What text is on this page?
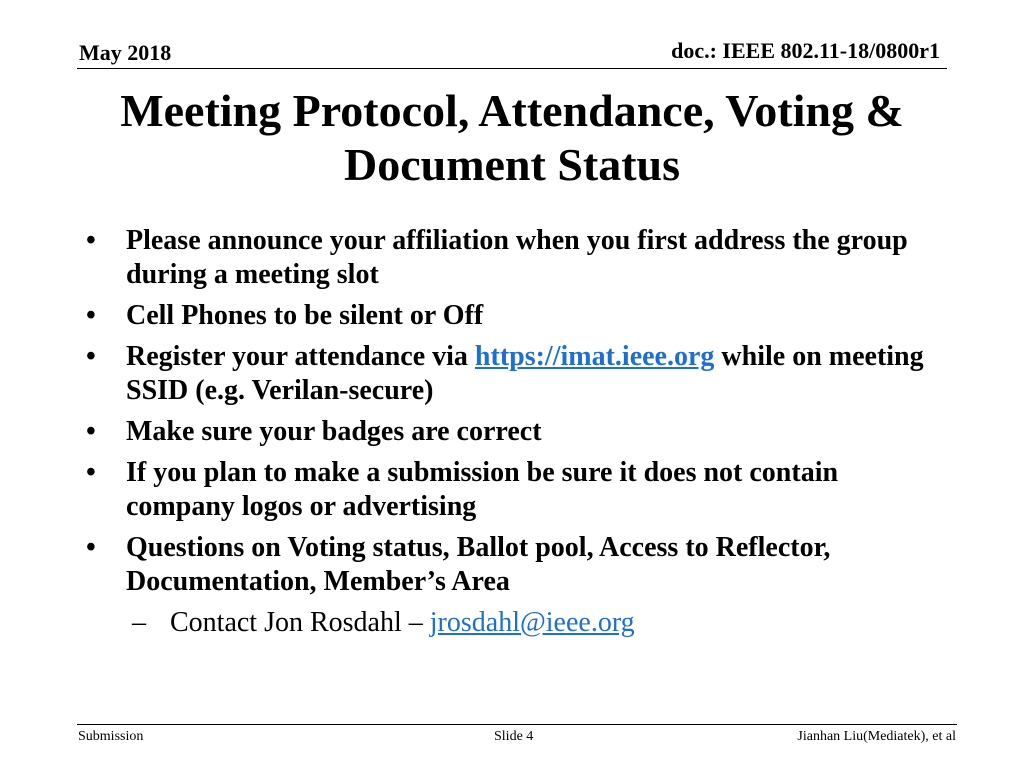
May 2018	doc.: IEEE 802.11-18/0800r1
Meeting Protocol, Attendance, Voting &
Document Status
• Please announce your affiliation when you first address the group during a meeting slot
• Cell Phones to be silent or Off
• Register your attendance via https://imat.ieee.org while on meeting SSID (e.g. Verilan-secure)
• Make sure your badges are correct
• If you plan to make a submission be sure it does not contain company logos or advertising
• Questions on Voting status, Ballot pool, Access to Reflector, Documentation, Member’s Area
– Contact Jon Rosdahl – jrosdahl@ieee.org
Submission	Slide 4	Jianhan Liu(Mediatek), et al
